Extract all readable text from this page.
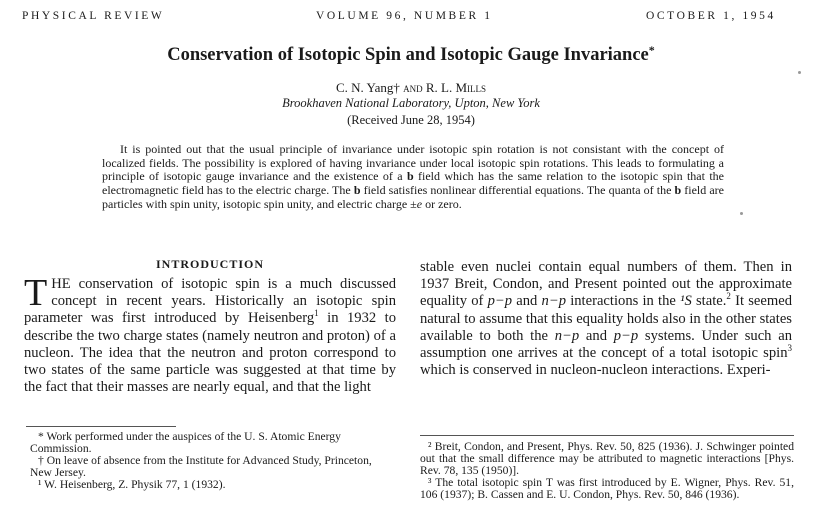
PHYSICAL REVIEW	VOLUME 96, NUMBER 1	OCTOBER 1, 1954
Conservation of Isotopic Spin and Isotopic Gauge Invariance*
C. N. Yang† and R. L. Mills
Brookhaven National Laboratory, Upton, New York
(Received June 28, 1954)
It is pointed out that the usual principle of invariance under isotopic spin rotation is not consistant with the concept of localized fields. The possibility is explored of having invariance under local isotopic spin rotations. This leads to formulating a principle of isotopic gauge invariance and the existence of a b field which has the same relation to the isotopic spin that the electromagnetic field has to the electric charge. The b field satisfies nonlinear differential equations. The quanta of the b field are particles with spin unity, isotopic spin unity, and electric charge ±e or zero.
INTRODUCTION
THE conservation of isotopic spin is a much discussed concept in recent years. Historically an isotopic spin parameter was first introduced by Heisenberg$^1$ in 1932 to describe the two charge states (namely neutron and proton) of a nucleon. The idea that the neutron and proton correspond to two states of the same particle was suggested at that time by the fact that their masses are nearly equal, and that the light
stable even nuclei contain equal numbers of them. Then in 1937 Breit, Condon, and Present pointed out the approximate equality of p−p and n−p interactions in the ¹S state.$^2$ It seemed natural to assume that this equality holds also in the other states available to both the n−p and p−p systems. Under such an assumption one arrives at the concept of a total isotopic spin$^3$ which is conserved in nucleon-nucleon interactions. Experi-

* Work performed under the auspices of the U. S. Atomic Energy Commission.

† On leave of absence from the Institute for Advanced Study, Princeton, New Jersey.

¹ W. Heisenberg, Z. Physik 77, 1 (1932).

² Breit, Condon, and Present, Phys. Rev. 50, 825 (1936). J. Schwinger pointed out that the small difference may be attributed to magnetic interactions [Phys. Rev. 78, 135 (1950)].

³ The total isotopic spin T was first introduced by E. Wigner, Phys. Rev. 51, 106 (1937); B. Cassen and E. U. Condon, Phys. Rev. 50, 846 (1936).
